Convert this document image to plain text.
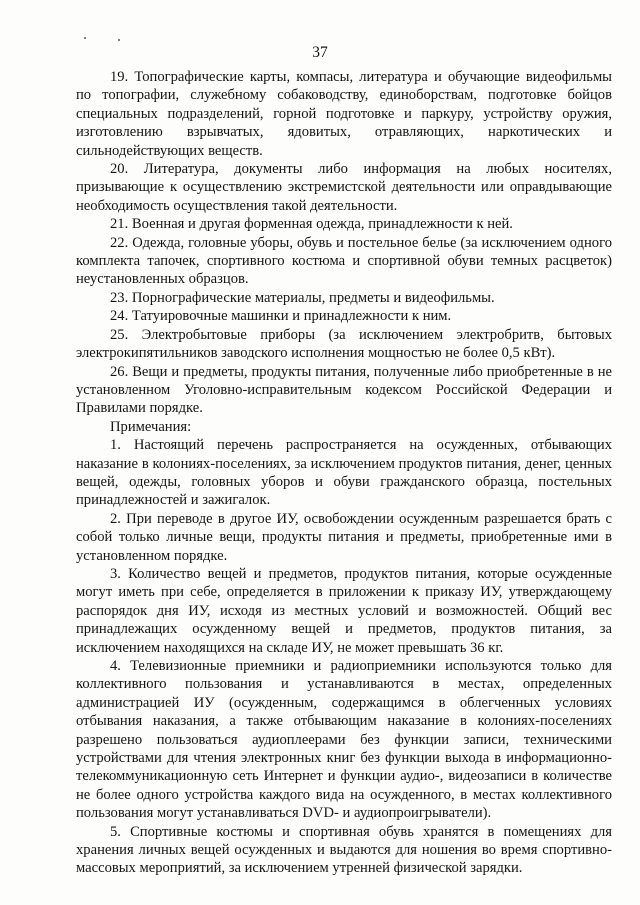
37

19. Топографические карты, компасы, литература и обучающие видеофильмы по топографии, служебному собаководству, единоборствам, подготовке бойцов специальных подразделений, горной подготовке и паркуру, устройству оружия, изготовлению взрывчатых, ядовитых, отравляющих, наркотических и сильнодействующих веществ.

20. Литература, документы либо информация на любых носителях, призывающие к осуществлению экстремистской деятельности или оправдывающие необходимость осуществления такой деятельности.

21. Военная и другая форменная одежда, принадлежности к ней.

22. Одежда, головные уборы, обувь и постельное белье (за исключением одного комплекта тапочек, спортивного костюма и спортивной обуви темных расцветок) неустановленных образцов.

23. Порнографические материалы, предметы и видеофильмы.

24. Татуировочные машинки и принадлежности к ним.

25. Электробытовые приборы (за исключением электробритв, бытовых электрокипятильников заводского исполнения мощностью не более 0,5 кВт).

26. Вещи и предметы, продукты питания, полученные либо приобретенные в не установленном Уголовно-исправительным кодексом Российской Федерации и Правилами порядке.

Примечания:

1. Настоящий перечень распространяется на осужденных, отбывающих наказание в колониях-поселениях, за исключением продуктов питания, денег, ценных вещей, одежды, головных уборов и обуви гражданского образца, постельных принадлежностей и зажигалок.

2. При переводе в другое ИУ, освобождении осужденным разрешается брать с собой только личные вещи, продукты питания и предметы, приобретенные ими в установленном порядке.

3. Количество вещей и предметов, продуктов питания, которые осужденные могут иметь при себе, определяется в приложении к приказу ИУ, утверждающему распорядок дня ИУ, исходя из местных условий и возможностей. Общий вес принадлежащих осужденному вещей и предметов, продуктов питания, за исключением находящихся на складе ИУ, не может превышать 36 кг.

4. Телевизионные приемники и радиоприемники используются только для коллективного пользования и устанавливаются в местах, определенных администрацией ИУ (осужденным, содержащимся в облегченных условиях отбывания наказания, а также отбывающим наказание в колониях-поселениях разрешено пользоваться аудиоплеерами без функции записи, техническими устройствами для чтения электронных книг без функции выхода в информационно-телекоммуникационную сеть Интернет и функции аудио-, видеозаписи в количестве не более одного устройства каждого вида на осужденного, в местах коллективного пользования могут устанавливаться DVD- и аудиопроигрыватели).

5. Спортивные костюмы и спортивная обувь хранятся в помещениях для хранения личных вещей осужденных и выдаются для ношения во время спортивно-массовых мероприятий, за исключением утренней физической зарядки.
